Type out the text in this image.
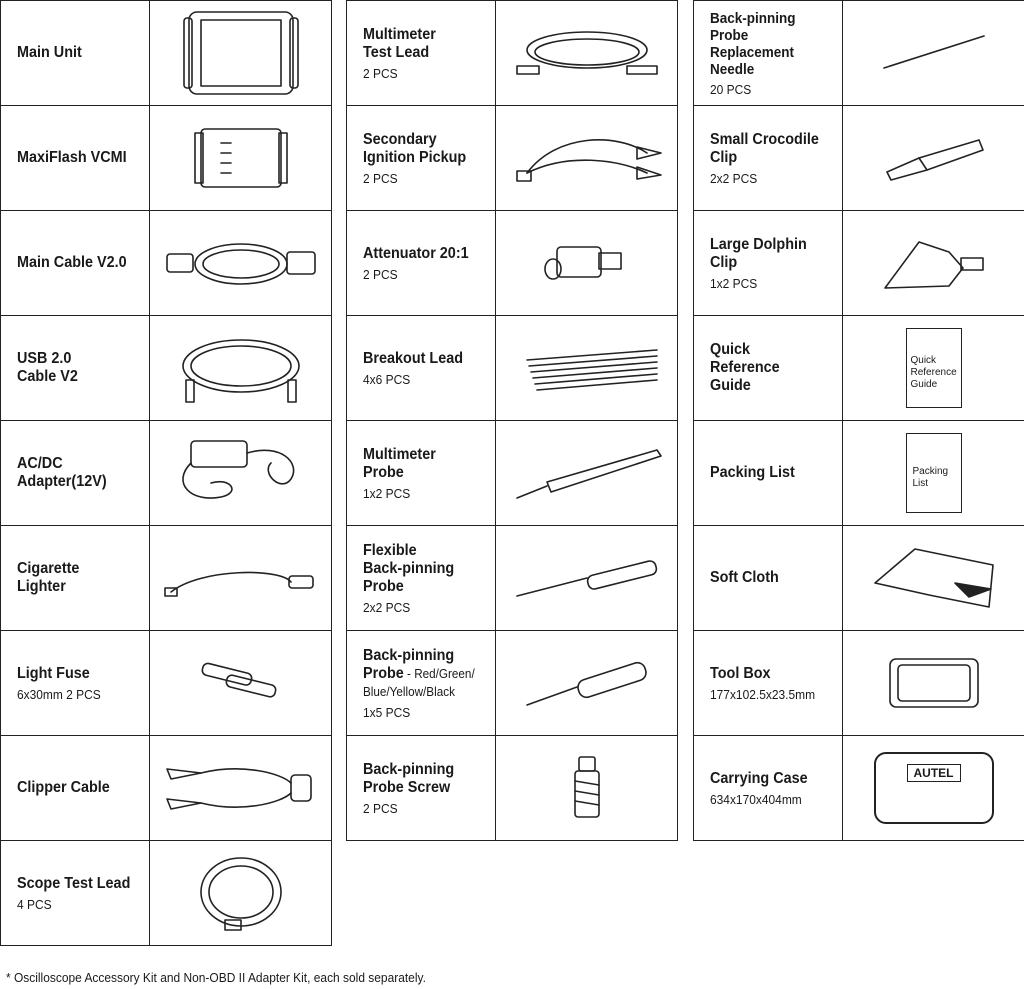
Main Unit
MaxiFlash VCMI
Main Cable V2.0
USB 2.0
Cable V2
AC/DC
Adapter(12V)
Cigarette Lighter
Light Fuse
6x30mm 2 PCS
Clipper Cable
Scope Test Lead
4 PCS
Multimeter
Test Lead
2 PCS
Secondary
Ignition Pickup
2 PCS
Attenuator 20:1
2 PCS
Breakout Lead
4x6 PCS
Multimeter
Probe
1x2 PCS
Flexible
Back-pinning
Probe
2x2 PCS
Back-pinning
Probe - Red/Green/
Blue/Yellow/Black
1x5 PCS
Back-pinning
Probe Screw
2 PCS
Back-pinning
Probe
Replacement
Needle
20 PCS
Small Crocodile
Clip
2x2 PCS
Large Dolphin
Clip
1x2 PCS
Quick Reference
Guide
Quick
Reference
Guide
Packing List	Packing
List
Soft Cloth
Tool Box
177x102.5x23.5mm
Carrying Case
634x170x404mm
AUTEL
* Oscilloscope Accessory Kit and Non-OBD II Adapter Kit, each sold separately.
